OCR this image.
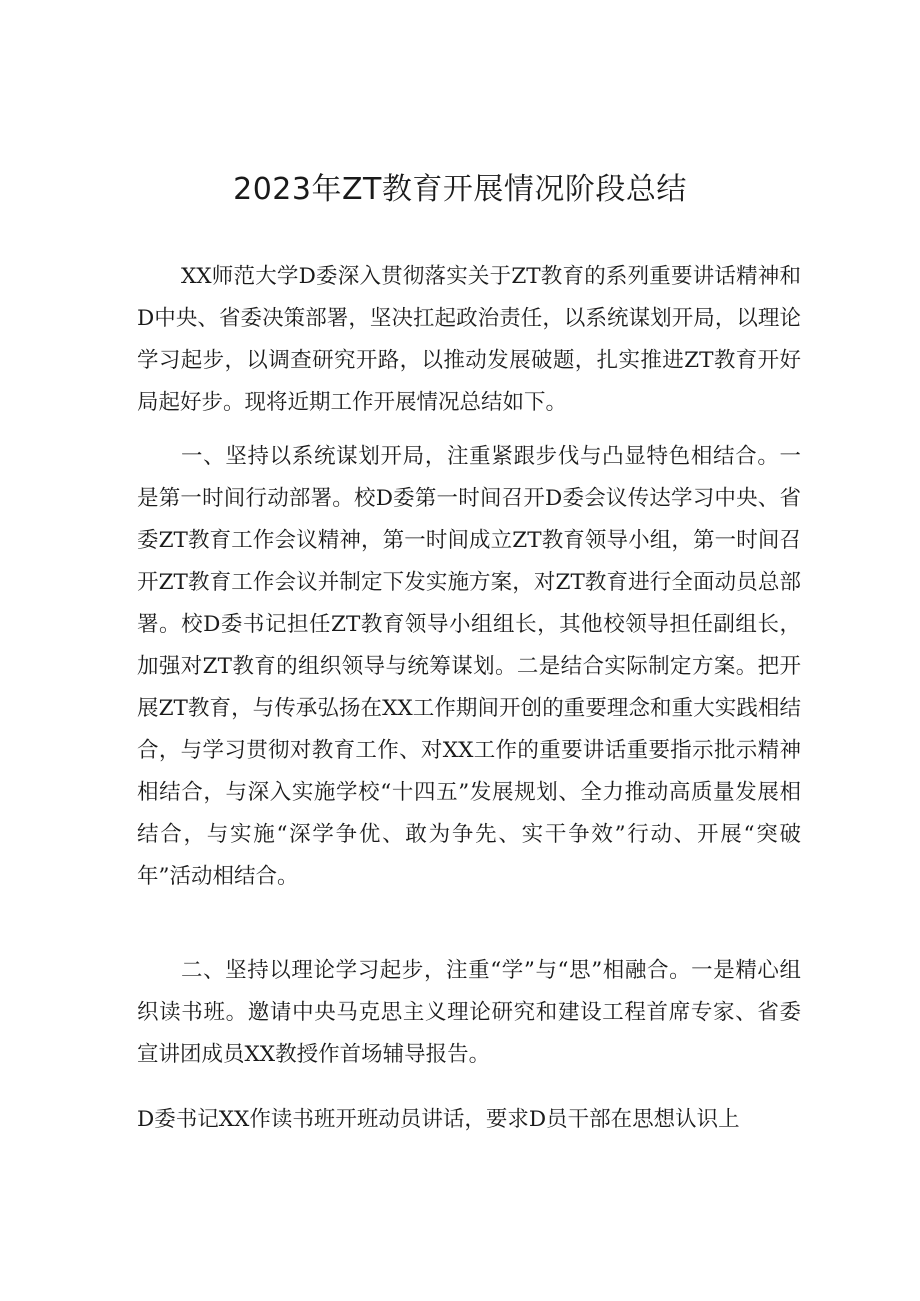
2023年ZT教育开展情况阶段总结

XX师范大学D委深入贯彻落实关于ZT教育的系列重要讲话精神和D中央、省委决策部署，坚决扛起政治责任，以系统谋划开局，以理论学习起步，以调查研究开路，以推动发展破题，扎实推进ZT教育开好局起好步。现将近期工作开展情况总结如下。

一、坚持以系统谋划开局，注重紧跟步伐与凸显特色相结合。一是第一时间行动部署。校D委第一时间召开D委会议传达学习中央、省委ZT教育工作会议精神，第一时间成立ZT教育领导小组，第一时间召开ZT教育工作会议并制定下发实施方案，对ZT教育进行全面动员总部署。校D委书记担任ZT教育领导小组组长，其他校领导担任副组长，加强对ZT教育的组织领导与统筹谋划。二是结合实际制定方案。把开展ZT教育，与传承弘扬在XX工作期间开创的重要理念和重大实践相结合，与学习贯彻对教育工作、对XX工作的重要讲话重要指示批示精神相结合，与深入实施学校“十四五”发展规划、全力推动高质量发展相结合，与实施“深学争优、敢为争先、实干争效”行动、开展“突破年”活动相结合。

二、坚持以理论学习起步，注重“学”与“思”相融合。一是精心组织读书班。邀请中央马克思主义理论研究和建设工程首席专家、省委宣讲团成员XX教授作首场辅导报告。

D委书记XX作读书班开班动员讲话，要求D员干部在思想认识上
